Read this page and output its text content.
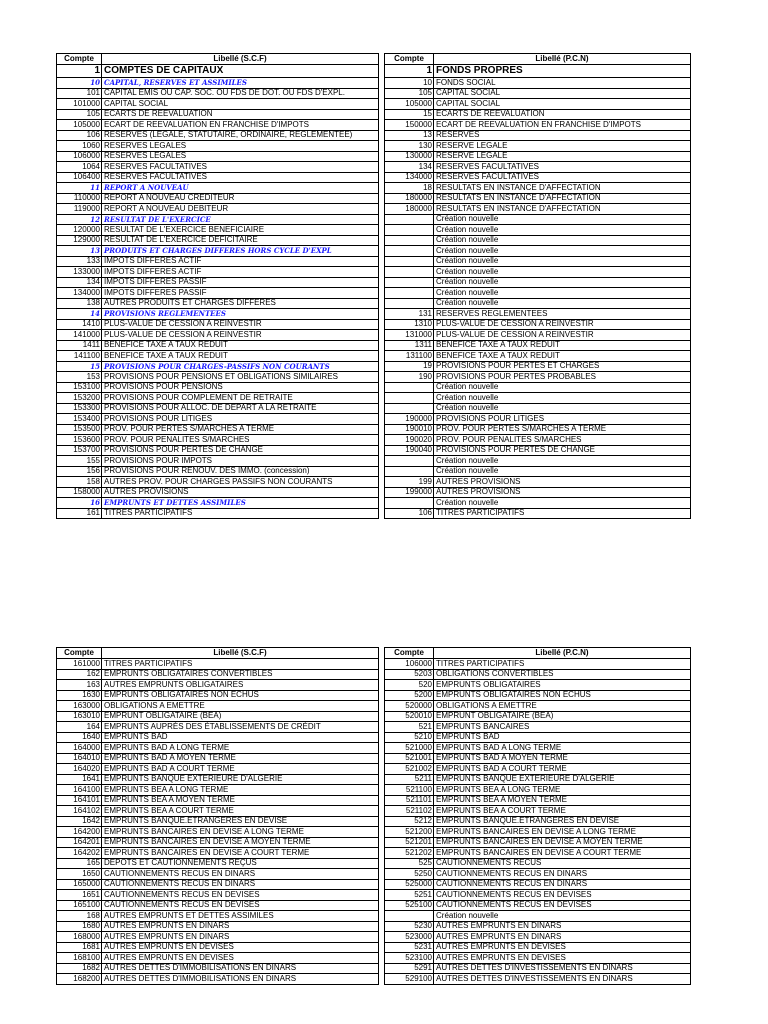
Compte	Libellé (S.C.F)
1	COMPTES DE CAPITAUX
10	CAPITAL, RESERVES ET ASSIMILES
101	CAPITAL EMIS OU CAP. SOC. OU FDS DE DOT. OU FDS D'EXPL.
101000	CAPITAL SOCIAL
105	ECARTS DE REEVALUATION
105000	ECART DE REEVALUATION EN FRANCHISE D'IMPOTS
106	RESERVES (LEGALE, STATUTAIRE, ORDINAIRE, REGLEMENTEE)
1060	RESERVES LEGALES
106000	RESERVES LEGALES
1064	RESERVES FACULTATIVES
106400	RESERVES FACULTATIVES
11	REPORT A NOUVEAU
110000	REPORT A NOUVEAU CREDITEUR
119000	REPORT A NOUVEAU DEBITEUR
12	RESULTAT DE L'EXERCICE
120000	RESULTAT DE L'EXERCICE BENEFICIAIRE
129000	RESULTAT DE L'EXERCICE DEFICITAIRE
13	PRODUITS ET CHARGES DIFFERES HORS CYCLE D'EXPL
133	IMPOTS DIFFERES ACTIF
133000	IMPOTS DIFFERES ACTIF
134	IMPOTS DIFFERES PASSIF
134000	IMPOTS DIFFERES PASSIF
138	AUTRES PRODUITS ET CHARGES DIFFERES
14	PROVISIONS REGLEMENTEES
1410	PLUS-VALUE DE CESSION A REINVESTIR
141000	PLUS-VALUE DE CESSION A REINVESTIR
1411	BENEFICE TAXE A TAUX REDUIT
141100	BENEFICE TAXE A TAUX REDUIT
15	PROVISIONS POUR CHARGES-PASSIFS NON COURANTS
153	PROVISIONS POUR PENSIONS ET OBLIGATIONS SIMILAIRES
153100	PROVISIONS POUR PENSIONS
153200	PROVISIONS POUR COMPLEMENT DE RETRAITE
153300	PROVISIONS POUR ALLOC. DE DEPART A LA RETRAITE
153400	PROVISIONS POUR LITIGES
153500	PROV. POUR PERTES S/MARCHES A TERME
153600	PROV. POUR PENALITES S/MARCHES
153700	PROVISIONS POUR PERTES DE CHANGE
155	PROVISIONS POUR IMPOTS
156	PROVISIONS POUR RENOUV. DES IMMO. (concession)
158	AUTRES PROV. POUR CHARGES PASSIFS NON COURANTS
158000	AUTRES PROVISIONS
16	EMPRUNTS ET DETTES ASSIMILES
161	TITRES PARTICIPATIFS
Compte	Libellé (P.C.N)
1	FONDS PROPRES
10	FONDS SOCIAL
105	CAPITAL SOCIAL
105000	CAPITAL SOCIAL
15	ECARTS DE REEVALUATION
150000	ECART DE REEVALUATION EN FRANCHISE D'IMPOTS
13	RESERVES
130	RESERVE LEGALE
130000	RESERVE LEGALE
134	RESERVES FACULTATIVES
134000	RESERVES FACULTATIVES
18	RESULTATS EN INSTANCE D'AFFECTATION
180000	RESULTATS EN INSTANCE D'AFFECTATION
180000	RESULTATS EN INSTANCE D'AFFECTATION
	Création nouvelle
	Création nouvelle
	Création nouvelle
	Création nouvelle
	Création nouvelle
	Création nouvelle
	Création nouvelle
	Création nouvelle
	Création nouvelle
131	RESERVES REGLEMENTEES
1310	PLUS-VALUE DE CESSION A REINVESTIR
131000	PLUS-VALUE DE CESSION A REINVESTIR
1311	BENEFICE TAXE A TAUX REDUIT
131100	BENEFICE TAXE A TAUX REDUIT
19	PROVISIONS POUR PERTES ET CHARGES
190	PROVISIONS POUR PERTES PROBABLES
	Création nouvelle
	Création nouvelle
	Création nouvelle
190000	PROVISIONS POUR LITIGES
190010	PROV. POUR PERTES S/MARCHES A TERME
190020	PROV. POUR PENALITES S/MARCHES
190040	PROVISIONS POUR PERTES DE CHANGE
	Création nouvelle
	Création nouvelle
199	AUTRES PROVISIONS
199000	AUTRES PROVISIONS
	Création nouvelle
106	TITRES PARTICIPATIFS
Compte	Libellé (S.C.F)
161000	TITRES PARTICIPATIFS
162	EMPRUNTS OBLIGATAIRES CONVERTIBLES
163	AUTRES EMPRUNTS OBLIGATAIRES
1630	EMPRUNTS OBLIGATAIRES NON ECHUS
163000	OBLIGATIONS A EMETTRE
163010	EMPRUNT OBLIGATAIRE (BEA)
164	EMPRUNTS AUPRÈS DES ÉTABLISSEMENTS DE CRÉDIT
1640	EMPRUNTS BAD
164000	EMPRUNTS BAD A LONG TERME
164010	EMPRUNTS BAD A MOYEN TERME
164020	EMPRUNTS BAD A COURT TERME
1641	EMPRUNTS BANQUE EXTERIEURE D'ALGERIE
164100	EMPRUNTS BEA A LONG TERME
164101	EMPRUNTS BEA A MOYEN TERME
164102	EMPRUNTS BEA A COURT TERME
1642	EMPRUNTS BANQUE.ETRANGERES EN DEVISE
164200	EMPRUNTS BANCAIRES EN DEVISE A LONG TERME
164201	EMPRUNTS BANCAIRES EN DEVISE A MOYEN TERME
164202	EMPRUNTS BANCAIRES EN DEVISE A COURT TERME
165	DÉPÔTS ET CAUTIONNEMENTS REÇUS
1650	CAUTIONNEMENTS RECUS EN DINARS
165000	CAUTIONNEMENTS RECUS EN DINARS
1651	CAUTIONNEMENTS RECUS EN DEVISES
165100	CAUTIONNEMENTS RECUS EN DEVISES
168	AUTRES EMPRUNTS ET DETTES ASSIMILES
1680	AUTRES EMPRUNTS EN DINARS
168000	AUTRES EMPRUNTS EN DINARS
1681	AUTRES EMPRUNTS EN DEVISES
168100	AUTRES EMPRUNTS EN DEVISES
1682	AUTRES DETTES D'IMMOBILISATIONS EN DINARS
168200	AUTRES DETTES D'IMMOBILISATIONS EN DINARS
Compte	Libellé (P.C.N)
106000	TITRES PARTICIPATIFS
5203	OBLIGATIONS CONVERTIBLES
520	EMPRUNTS OBLIGATAIRES
5200	EMPRUNTS OBLIGATAIRES NON ECHUS
520000	OBLIGATIONS A EMETTRE
520010	EMPRUNT OBLIGATAIRE (BEA)
521	EMPRUNTS BANCAIRES
5210	EMPRUNTS BAD
521000	EMPRUNTS BAD A LONG TERME
521001	EMPRUNTS BAD A MOYEN TERME
521002	EMPRUNTS BAD A COURT TERME
5211	EMPRUNTS BANQUE EXTERIEURE D'ALGERIE
521100	EMPRUNTS BEA A LONG TERME
521101	EMPRUNTS BEA A MOYEN TERME
521102	EMPRUNTS BEA A COURT TERME
5212	EMPRUNTS BANQUE.ETRANGERES EN DEVISE
521200	EMPRUNTS BANCAIRES EN DEVISE A LONG TERME
521201	EMPRUNTS BANCAIRES EN DEVISE A MOYEN TERME
521202	EMPRUNTS BANCAIRES EN DEVISE A COURT TERME
525	CAUTIONNEMENTS RECUS
5250	CAUTIONNEMENTS RECUS EN DINARS
525000	CAUTIONNEMENTS RECUS EN DINARS
5251	CAUTIONNEMENTS RECUS EN DEVISES
525100	CAUTIONNEMENTS RECUS EN DEVISES
	Création nouvelle
5230	AUTRES EMPRUNTS EN DINARS
523000	AUTRES EMPRUNTS EN DINARS
5231	AUTRES EMPRUNTS EN DEVISES
523100	AUTRES EMPRUNTS EN DEVISES
5291	AUTRES DETTES D'INVESTISSEMENTS EN DINARS
529100	AUTRES DETTES D'INVESTISSEMENTS EN DINARS
